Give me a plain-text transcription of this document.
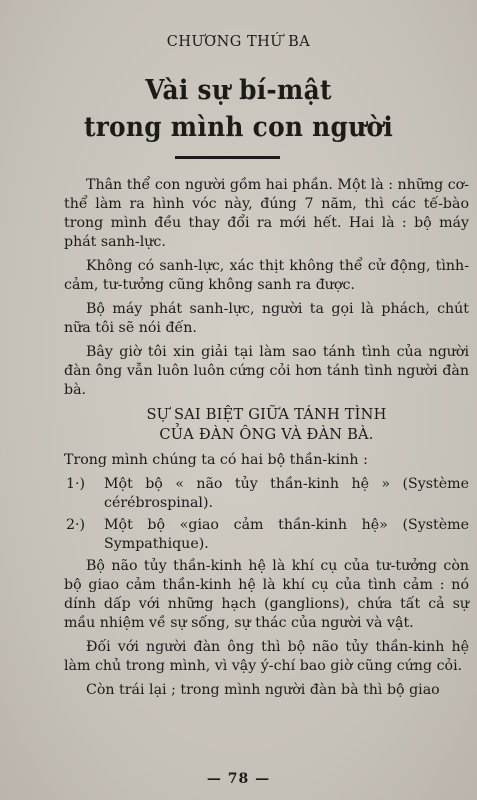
CHƯƠNG THỨ BA
Vài sự bí-mật
trong mình con người

Thân thể con người gồm hai phần. Một là : những cơ-thể làm ra hình vóc này, đúng 7 năm, thì các tế-bào trong mình đều thay đổi ra mới hết. Hai là : bộ máy phát sanh-lực.

Không có sanh-lực, xác thịt không thể cử động, tình-cảm, tư-tưởng cũng không sanh ra được.

Bộ máy phát sanh-lực, người ta gọi là phách, chút nữa tôi sẽ nói đến.

Bây giờ tôi xin giải tại làm sao tánh tình của người đàn ông vẫn luôn luôn cứng cỏi hơn tánh tình người đàn bà.

SỰ SAI BIỆT GIỮA TÁNH TÌNH
CỦA ĐÀN ÔNG VÀ ĐÀN BÀ.

Trong mình chúng ta có hai bộ thần-kinh :

1·)	Một bộ « não tủy thần-kinh hệ » (Système cérébrospinal).
2·)	Một bộ «giao cảm thần-kinh hệ» (Système Sympathique).

Bộ não tủy thần-kinh hệ là khí cụ của tư-tưởng còn bộ giao cảm thần-kinh hệ là khí cụ của tình cảm : nó dính dấp với những hạch (ganglions), chứa tất cả sự mầu nhiệm về sự sống, sự thác của người và vật.

Đối với người đàn ông thì bộ não tủy thần-kinh hệ làm chủ trong mình, vì vậy ý-chí bao giờ cũng cứng cỏi.

Còn trái lại ; trong mình người đàn bà thì bộ giao

— 78 —
